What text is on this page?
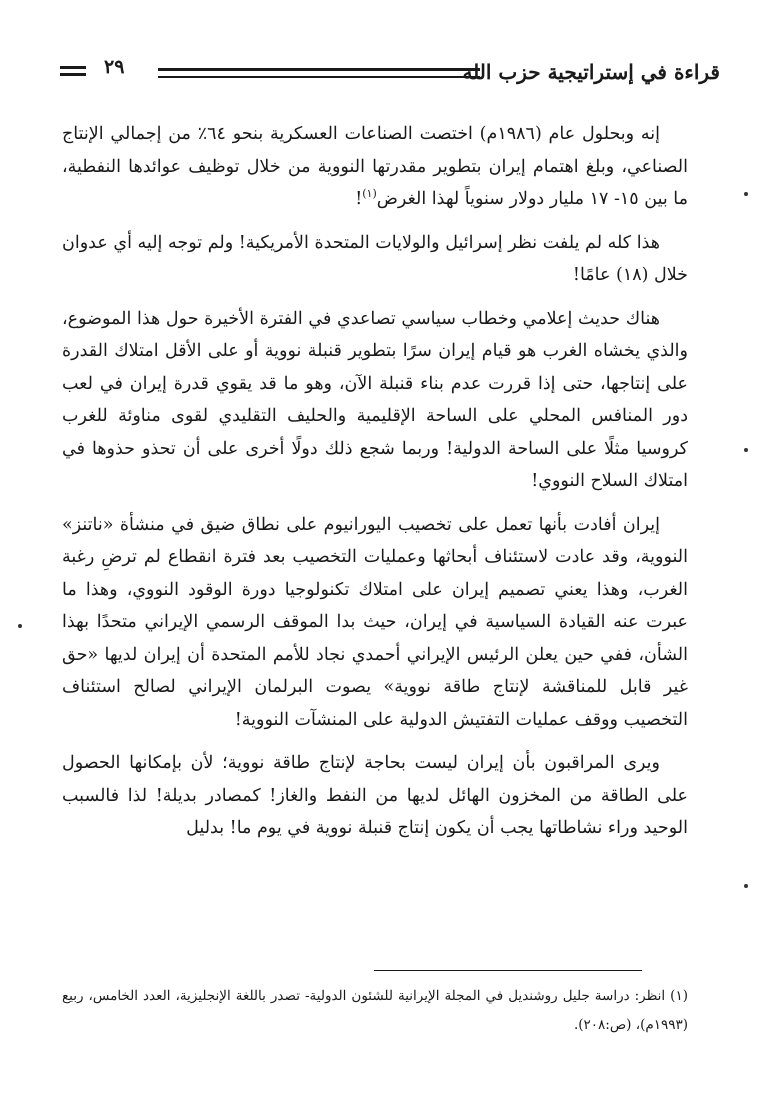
قراءة في إستراتيجية حزب الله
٢٩

إنه وبحلول عام (١٩٨٦م) اختصت الصناعات العسكرية بنحو ٦٤٪ من إجمالي الإنتاج الصناعي، وبلغ اهتمام إيران بتطوير مقدرتها النووية من خلال توظيف عوائدها النفطية، ما بين ١٥- ١٧ مليار دولار سنوياً لهذا الغرض$^{(١)}$!

هذا كله لم يلفت نظر إسرائيل والولايات المتحدة الأمريكية! ولم توجه إليه أي عدوان خلال (١٨) عامًا!

هناك حديث إعلامي وخطاب سياسي تصاعدي في الفترة الأخيرة حول هذا الموضوع، والذي يخشاه الغرب هو قيام إيران سرًا بتطوير قنبلة نووية أو على الأقل امتلاك القدرة على إنتاجها، حتى إذا قررت عدم بناء قنبلة الآن، وهو ما قد يقوي قدرة إيران في لعب دور المنافس المحلي على الساحة الإقليمية والحليف التقليدي لقوى مناوئة للغرب كروسيا مثلًا على الساحة الدولية! وربما شجع ذلك دولًا أخرى على أن تحذو حذوها في امتلاك السلاح النووي!

إيران أفادت بأنها تعمل على تخصيب اليورانيوم على نطاق ضيق في منشأة «ناتنز» النووية، وقد عادت لاستئناف أبحاثها وعمليات التخصيب بعد فترة انقطاع لم ترضِ رغبة الغرب، وهذا يعني تصميم إيران على امتلاك تكنولوجيا دورة الوقود النووي، وهذا ما عبرت عنه القيادة السياسية في إيران، حيث بدا الموقف الرسمي الإيراني متحدًا بهذا الشأن، ففي حين يعلن الرئيس الإيراني أحمدي نجاد للأمم المتحدة أن إيران لديها «حق غير قابل للمناقشة لإنتاج طاقة نووية» يصوت البرلمان الإيراني لصالح استئناف التخصيب ووقف عمليات التفتيش الدولية على المنشآت النووية!

ويرى المراقبون بأن إيران ليست بحاجة لإنتاج طاقة نووية؛ لأن بإمكانها الحصول على الطاقة من المخزون الهائل لديها من النفط والغاز! كمصادر بديلة! لذا فالسبب الوحيد وراء نشاطاتها يجب أن يكون إنتاج قنبلة نووية في يوم ما! بدليل

(١) انظر: دراسة جليل روشنديل في المجلة الإيرانية للشئون الدولية- تصدر باللغة الإنجليزية، العدد الخامس، ربيع (١٩٩٣م)، (ص:٢٠٨).
